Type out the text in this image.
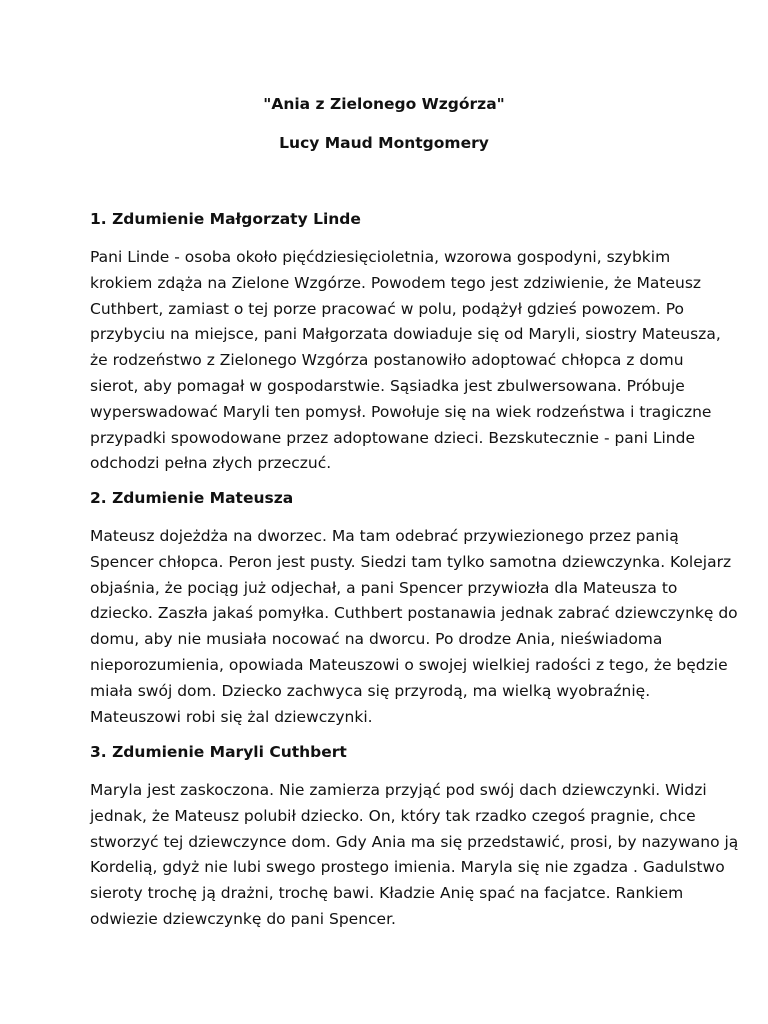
"Ania z Zielonego Wzgórza"
Lucy Maud Montgomery
1. Zdumienie Małgorzaty Linde
Pani Linde - osoba około pięćdziesięcioletnia, wzorowa gospodyni, szybkim
krokiem zdąża na Zielone Wzgórze. Powodem tego jest zdziwienie, że Mateusz
Cuthbert, zamiast o tej porze pracować w polu, podążył gdzieś powozem. Po
przybyciu na miejsce, pani Małgorzata dowiaduje się od Maryli, siostry Mateusza,
że rodzeństwo z Zielonego Wzgórza postanowiło adoptować chłopca z domu
sierot, aby pomagał w gospodarstwie. Sąsiadka jest zbulwersowana. Próbuje
wyperswadować Maryli ten pomysł. Powołuje się na wiek rodzeństwa i tragiczne
przypadki spowodowane przez adoptowane dzieci. Bezskutecznie - pani Linde
odchodzi pełna złych przeczuć.
2. Zdumienie Mateusza
Mateusz dojeżdża na dworzec. Ma tam odebrać przywiezionego przez panią
Spencer chłopca. Peron jest pusty. Siedzi tam tylko samotna dziewczynka. Kolejarz
objaśnia, że pociąg już odjechał, a pani Spencer przywiozła dla Mateusza to
dziecko. Zaszła jakaś pomyłka. Cuthbert postanawia jednak zabrać dziewczynkę do
domu, aby nie musiała nocować na dworcu. Po drodze Ania, nieświadoma
nieporozumienia, opowiada Mateuszowi o swojej wielkiej radości z tego, że będzie
miała swój dom. Dziecko zachwyca się przyrodą, ma wielką wyobraźnię.
Mateuszowi robi się żal dziewczynki.
3. Zdumienie Maryli Cuthbert
Maryla jest zaskoczona. Nie zamierza przyjąć pod swój dach dziewczynki. Widzi
jednak, że Mateusz polubił dziecko. On, który tak rzadko czegoś pragnie, chce
stworzyć tej dziewczynce dom. Gdy Ania ma się przedstawić, prosi, by nazywano ją
Kordelią, gdyż nie lubi swego prostego imienia. Maryla się nie zgadza . Gadulstwo
sieroty trochę ją drażni, trochę bawi. Kładzie Anię spać na facjatce. Rankiem
odwiezie dziewczynkę do pani Spencer.
